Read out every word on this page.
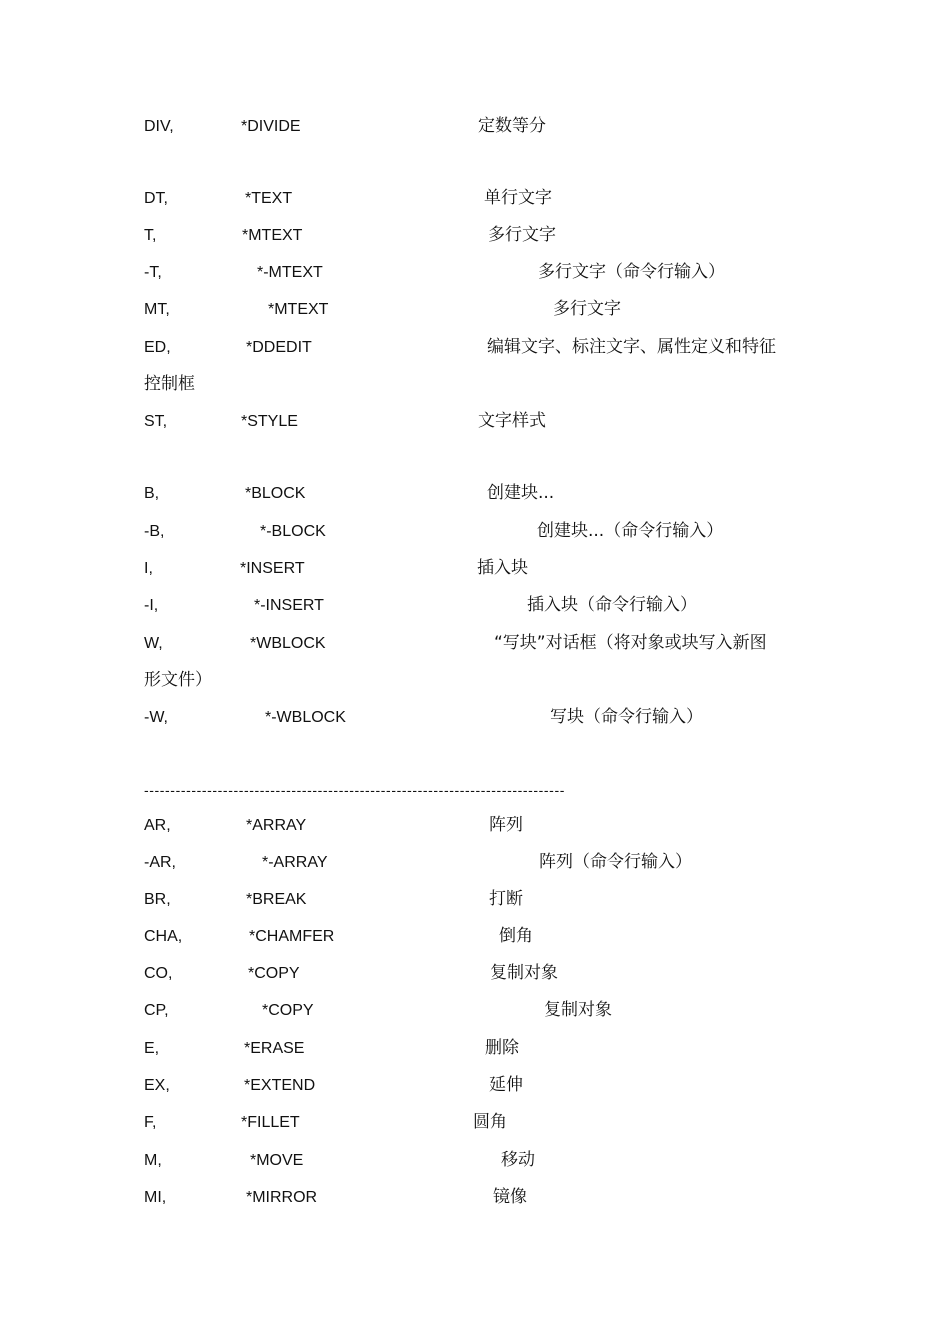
DIV,	*DIVIDE	定数等分
DT,	*TEXT	单行文字
T,	*MTEXT	多行文字
-T,	*-MTEXT	多行文字（命令行输入）
MT,	*MTEXT	多行文字
ED,	*DDEDIT	编辑文字、标注文字、属性定义和特征
控制框
ST,	*STYLE	文字样式
B,	*BLOCK	创建块...
-B,	*-BLOCK	创建块...（命令行输入）
I,	*INSERT	插入块
-I,	*-INSERT	插入块（命令行输入）
W,	*WBLOCK	“写块”对话框（将对象或块写入新图
形文件）
-W,	*-WBLOCK	写块（命令行输入）
--------------------------------------------------------------------------------
AR,	*ARRAY	阵列
-AR,	*-ARRAY	阵列（命令行输入）
BR,	*BREAK	打断
CHA,	*CHAMFER	倒角
CO,	*COPY	复制对象
CP,	*COPY	复制对象
E,	*ERASE	删除
EX,	*EXTEND	延伸
F,	*FILLET	圆角
M,	*MOVE	移动
MI,	*MIRROR	镜像
